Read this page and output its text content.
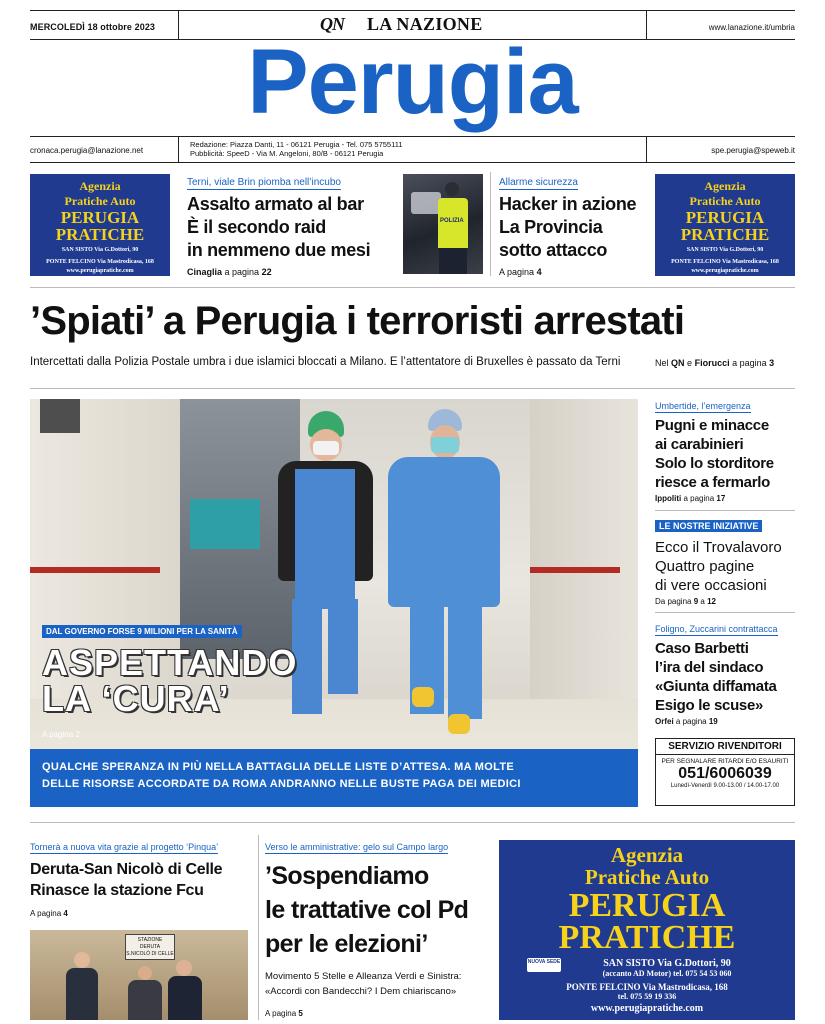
MERCOLEDÌ 18 ottobre 2023	QN LA NAZIONE	www.lanazione.it/umbria
Perugia
cronaca.perugia@lanazione.net
Redazione: Piazza Danti, 11 - 06121 Perugia - Tel. 075 5755111
Pubblicità: SpeeD - Via M. Angeloni, 80/B - 06121 Perugia	spe.perugia@speweb.it
Agenzia
Pratiche Auto
PERUGIA
PRATICHE
SAN SISTO Via G.Dottori, 90
PONTE FELCINO Via Mastrodicasa, 168
www.perugiapratiche.com
Agenzia
Pratiche Auto
PERUGIA
PRATICHE
SAN SISTO Via G.Dottori, 90
PONTE FELCINO Via Mastrodicasa, 168
www.perugiapratiche.com
Terni, viale Brin piomba nell’incubo
Assalto armato al bar
È il secondo raid
in nemmeno due mesi
Cinaglia a pagina 22
POLIZIA
Allarme sicurezza
Hacker in azione
La Provincia
sotto attacco
A pagina 4
’Spiati’ a Perugia i terroristi arrestati
Intercettati dalla Polizia Postale umbra i due islamici bloccati a Milano. E l’attentatore di Bruxelles è passato da Terni	Nel QN e Fiorucci a pagina 3
DAL GOVERNO FORSE 9 MILIONI PER LA SANITÀ
ASPETTANDO
LA ‘CURA’
A pagina 2
QUALCHE SPERANZA IN PIÙ NELLA BATTAGLIA DELLE LISTE D’ATTESA. MA MOLTE
DELLE RISORSE ACCORDATE DA ROMA ANDRANNO NELLE BUSTE PAGA DEI MEDICI
Umbertide, l’emergenza
Pugni e minacce
ai carabinieri
Solo lo storditore
riesce a fermarlo
Ippoliti a pagina 17
LE NOSTRE INIZIATIVE
Ecco il Trovalavoro
Quattro pagine
di vere occasioni
Da pagina 9 a 12
Foligno, Zuccarini contrattacca
Caso Barbetti
l’ira del sindaco
«Giunta diffamata
Esigo le scuse»
Orfei a pagina 19
SERVIZIO RIVENDITORI
PER SEGNALARE RITARDI E/O ESAURITI
051/6006039
Lunedì-Venerdì 9.00-13.00 / 14.00-17.00
Tornerà a nuova vita grazie al progetto ‘Pinqua’
Deruta-San Nicolò di Celle
Rinasce la stazione Fcu
A pagina 4
STAZIONE
DERUTA
S.NICOLÒ DI CELLE
Verso le amministrative: gelo sul Campo largo
’Sospendiamo
le trattative col Pd
per le elezioni’
Movimento 5 Stelle e Alleanza Verdi e Sinistra:
«Accordi con Bandecchi? I Dem chiariscano»
A pagina 5
Agenzia
Pratiche Auto
PERUGIA
PRATICHE
NUOVA SEDE	SAN SISTO Via G.Dottori, 90
(accanto AD Motor) tel. 075 54 53 060
PONTE FELCINO Via Mastrodicasa, 168
tel. 075 59 19 336
www.perugiapratiche.com
